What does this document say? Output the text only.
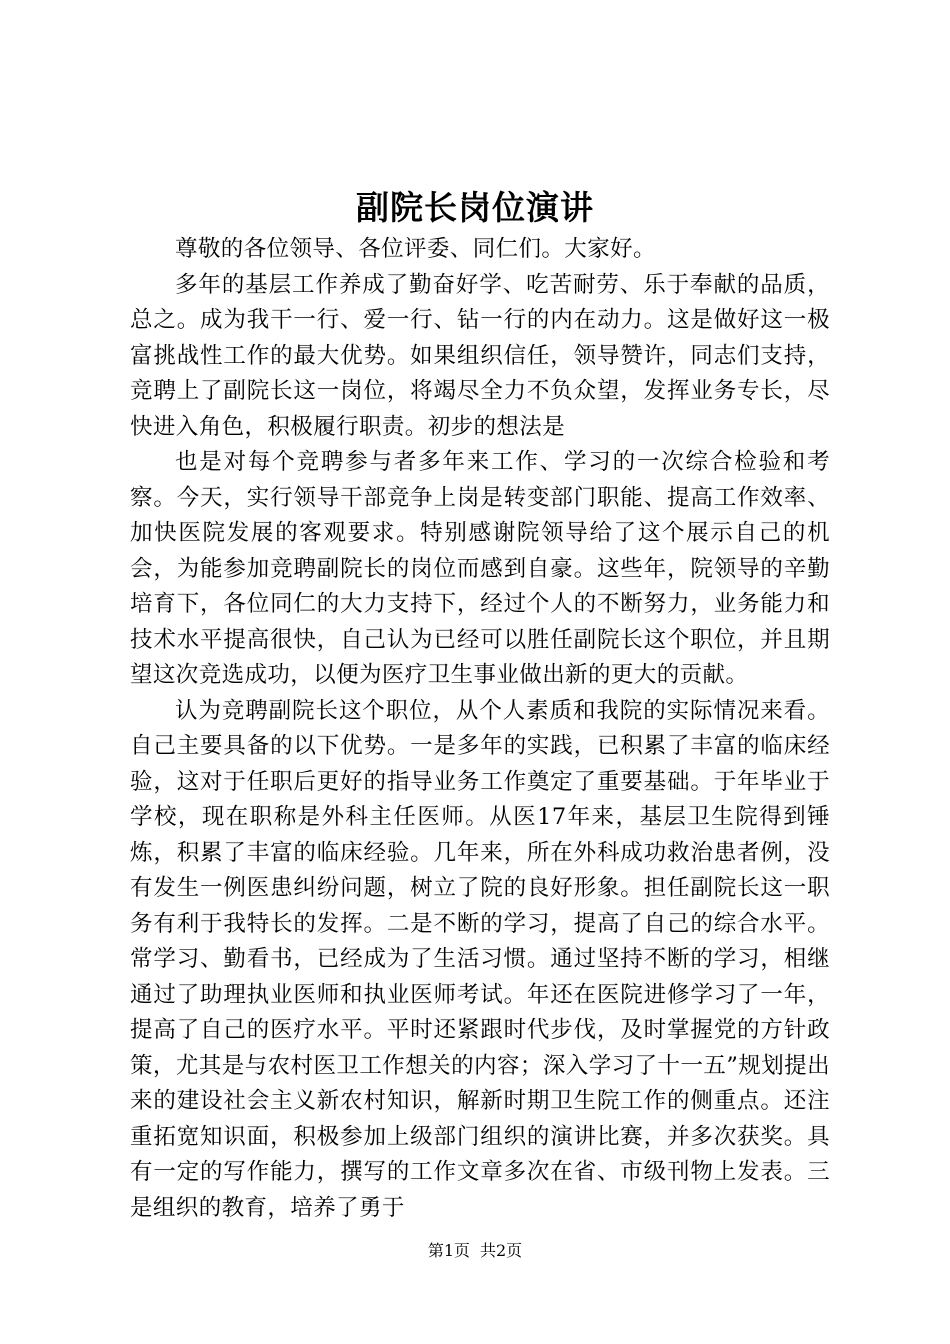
副院长岗位演讲

尊敬的各位领导、各位评委、同仁们。大家好。

多年的基层工作养成了勤奋好学、吃苦耐劳、乐于奉献的品质，总之。成为我干一行、爱一行、钻一行的内在动力。这是做好这一极富挑战性工作的最大优势。如果组织信任，领导赞许，同志们支持，竞聘上了副院长这一岗位，将竭尽全力不负众望，发挥业务专长，尽快进入角色，积极履行职责。初步的想法是

也是对每个竞聘参与者多年来工作、学习的一次综合检验和考察。今天，实行领导干部竞争上岗是转变部门职能、提高工作效率、加快医院发展的客观要求。特别感谢院领导给了这个展示自己的机会，为能参加竞聘副院长的岗位而感到自豪。这些年，院领导的辛勤培育下，各位同仁的大力支持下，经过个人的不断努力，业务能力和技术水平提高很快，自己认为已经可以胜任副院长这个职位，并且期望这次竞选成功，以便为医疗卫生事业做出新的更大的贡献。

认为竞聘副院长这个职位，从个人素质和我院的实际情况来看。自己主要具备的以下优势。一是多年的实践，已积累了丰富的临床经验，这对于任职后更好的指导业务工作奠定了重要基础。于年毕业于学校，现在职称是外科主任医师。从医17年来，基层卫生院得到锤炼，积累了丰富的临床经验。几年来，所在外科成功救治患者例，没有发生一例医患纠纷问题，树立了院的良好形象。担任副院长这一职务有利于我特长的发挥。二是不断的学习，提高了自己的综合水平。常学习、勤看书，已经成为了生活习惯。通过坚持不断的学习，相继通过了助理执业医师和执业医师考试。年还在医院进修学习了一年，提高了自己的医疗水平。平时还紧跟时代步伐，及时掌握党的方针政策，尤其是与农村医卫工作想关的内容；深入学习了十一五”规划提出来的建设社会主义新农村知识，解新时期卫生院工作的侧重点。还注重拓宽知识面，积极参加上级部门组织的演讲比赛，并多次获奖。具有一定的写作能力，撰写的工作文章多次在省、市级刊物上发表。三是组织的教育，培养了勇于

第1页 共2页
